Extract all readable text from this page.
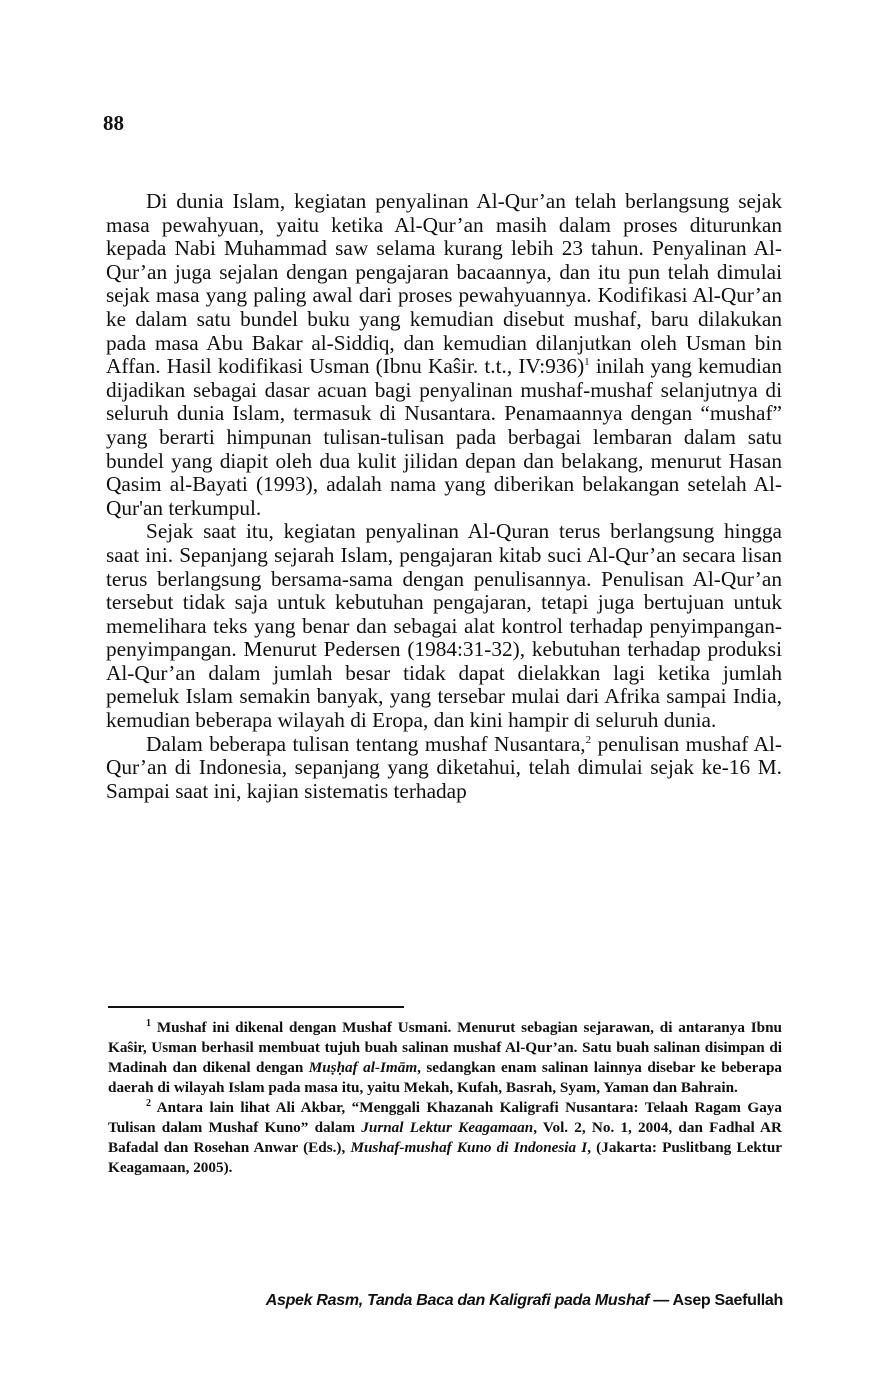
88

Di dunia Islam, kegiatan penyalinan Al-Qur’an telah berlangsung sejak masa pewahyuan, yaitu ketika Al-Qur’an masih dalam proses diturunkan kepada Nabi Muhammad saw selama kurang lebih 23 tahun. Penyalinan Al-Qur’an juga sejalan dengan pengajaran bacaannya, dan itu pun telah dimulai sejak masa yang paling awal dari proses pewahyuannya. Kodifikasi Al-Qur’an ke dalam satu bundel buku yang kemudian disebut mushaf, baru dilakukan pada masa Abu Bakar al-Siddiq, dan kemudian dilanjutkan oleh Usman bin Affan. Hasil kodifikasi Usman (Ibnu Kaŝir. t.t., IV:936)$^1$ inilah yang kemudian dijadikan sebagai dasar acuan bagi penyalinan mushaf-mushaf selanjutnya di seluruh dunia Islam, termasuk di Nusantara. Penamaannya dengan “mushaf” yang berarti himpunan tulisan-tulisan pada berbagai lembaran dalam satu bundel yang diapit oleh dua kulit jilidan depan dan belakang, menurut Hasan Qasim al-Bayati (1993), adalah nama yang diberikan belakangan setelah Al-Qur'an terkumpul.

Sejak saat itu, kegiatan penyalinan Al-Quran terus berlangsung hingga saat ini. Sepanjang sejarah Islam, pengajaran kitab suci Al-Qur’an secara lisan terus berlangsung bersama-sama dengan penulisannya. Penulisan Al-Qur’an tersebut tidak saja untuk kebutuhan pengajaran, tetapi juga bertujuan untuk memelihara teks yang benar dan sebagai alat kontrol terhadap penyimpangan-penyimpangan. Menurut Pedersen (1984:31-32), kebutuhan terhadap produksi Al-Qur’an dalam jumlah besar tidak dapat dielakkan lagi ketika jumlah pemeluk Islam semakin banyak, yang tersebar mulai dari Afrika sampai India, kemudian beberapa wilayah di Eropa, dan kini hampir di seluruh dunia.

Dalam beberapa tulisan tentang mushaf Nusantara,$^2$ penulisan mushaf Al-Qur’an di Indonesia, sepanjang yang diketahui, telah dimulai sejak ke-16 M. Sampai saat ini, kajian sistematis terhadap

$^1$ Mushaf ini dikenal dengan Mushaf Usmani. Menurut sebagian sejarawan, di antaranya Ibnu Kaŝir, Usman berhasil membuat tujuh buah salinan mushaf Al-Qur’an. Satu buah salinan disimpan di Madinah dan dikenal dengan Muṣḥaf al-Imām, sedangkan enam salinan lainnya disebar ke beberapa daerah di wilayah Islam pada masa itu, yaitu Mekah, Kufah, Basrah, Syam, Yaman dan Bahrain.

$^2$ Antara lain lihat Ali Akbar, “Menggali Khazanah Kaligrafi Nusantara: Telaah Ragam Gaya Tulisan dalam Mushaf Kuno” dalam Jurnal Lektur Keagamaan, Vol. 2, No. 1, 2004, dan Fadhal AR Bafadal dan Rosehan Anwar (Eds.), Mushaf-mushaf Kuno di Indonesia I, (Jakarta: Puslitbang Lektur Keagamaan, 2005).

Aspek Rasm, Tanda Baca dan Kaligrafi pada Mushaf — Asep Saefullah
